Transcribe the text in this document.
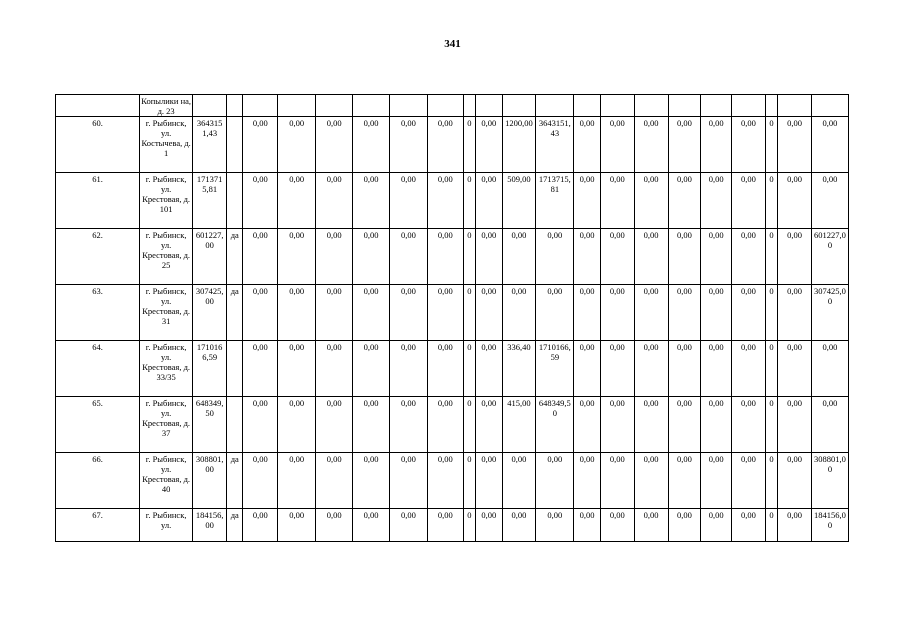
341
	Копылики на, д. 23																					
60.	г. Рыбинск, ул. Костычева, д. 1	3643151,43		0,00	0,00	0,00	0,00	0,00	0,00	0	0,00	1200,00	3643151,43	0,00	0,00	0,00	0,00	0,00	0,00	0	0,00	0,00
61.	г. Рыбинск, ул. Крестовая, д. 101	1713715,81		0,00	0,00	0,00	0,00	0,00	0,00	0	0,00	509,00	1713715,81	0,00	0,00	0,00	0,00	0,00	0,00	0	0,00	0,00
62.	г. Рыбинск, ул. Крестовая, д. 25	601227,00	да	0,00	0,00	0,00	0,00	0,00	0,00	0	0,00	0,00	0,00	0,00	0,00	0,00	0,00	0,00	0,00	0	0,00	601227,00
63.	г. Рыбинск, ул. Крестовая, д. 31	307425,00	да	0,00	0,00	0,00	0,00	0,00	0,00	0	0,00	0,00	0,00	0,00	0,00	0,00	0,00	0,00	0,00	0	0,00	307425,00
64.	г. Рыбинск, ул. Крестовая, д. 33/35	1710166,59		0,00	0,00	0,00	0,00	0,00	0,00	0	0,00	336,40	1710166,59	0,00	0,00	0,00	0,00	0,00	0,00	0	0,00	0,00
65.	г. Рыбинск, ул. Крестовая, д. 37	648349,50		0,00	0,00	0,00	0,00	0,00	0,00	0	0,00	415,00	648349,50	0,00	0,00	0,00	0,00	0,00	0,00	0	0,00	0,00
66.	г. Рыбинск, ул. Крестовая, д. 40	308801,00	да	0,00	0,00	0,00	0,00	0,00	0,00	0	0,00	0,00	0,00	0,00	0,00	0,00	0,00	0,00	0,00	0	0,00	308801,00
67.	г. Рыбинск, ул.	184156,00	да	0,00	0,00	0,00	0,00	0,00	0,00	0	0,00	0,00	0,00	0,00	0,00	0,00	0,00	0,00	0,00	0	0,00	184156,00
